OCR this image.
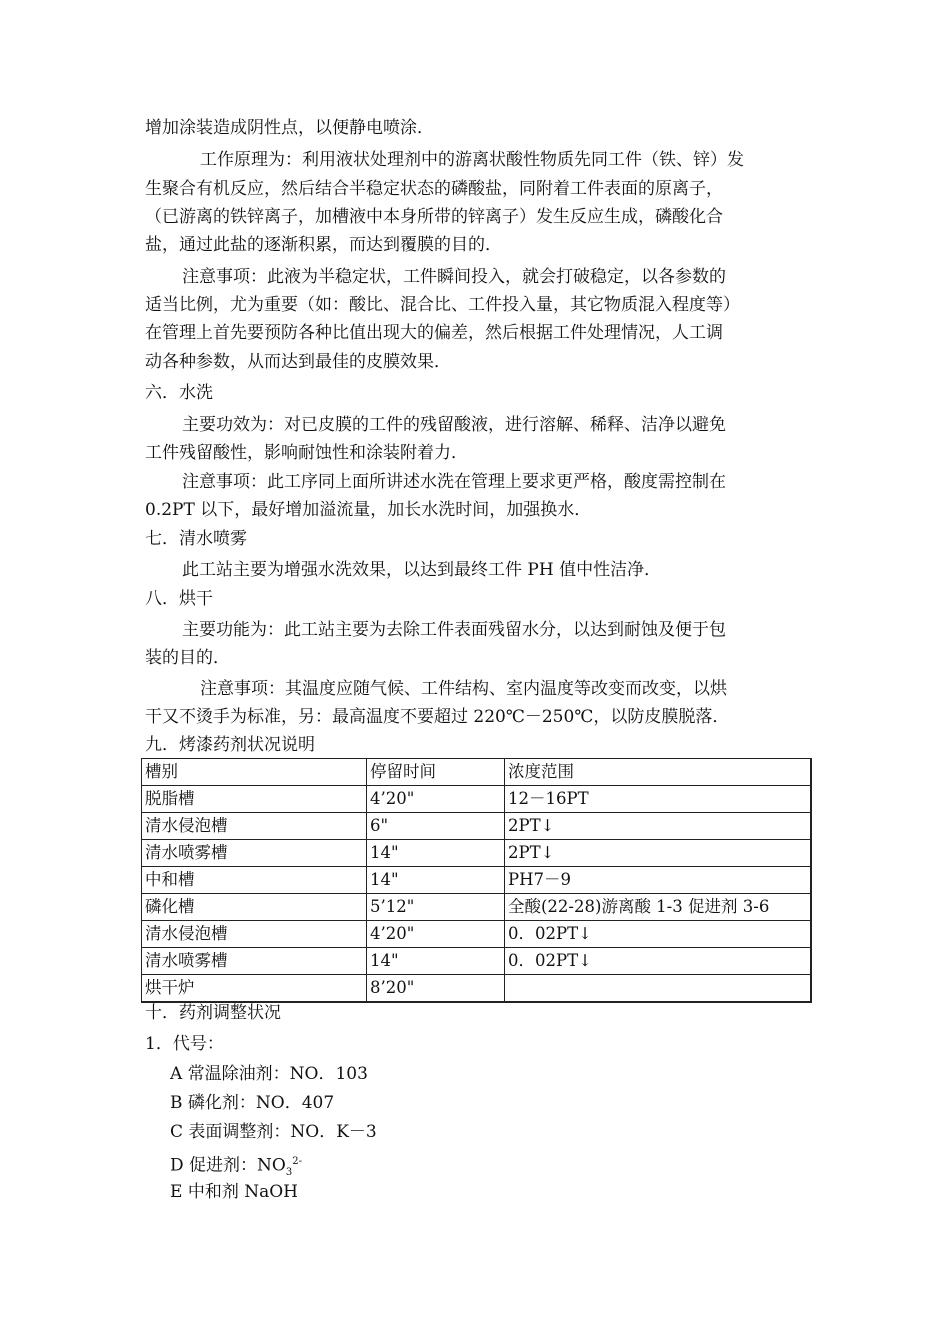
增加涂装造成阴性点，以便静电喷涂．
工作原理为：利用液状处理剂中的游离状酸性物质先同工件（铁、锌）发
生聚合有机反应，然后结合半稳定状态的磷酸盐，同附着工件表面的原离子，
（已游离的铁锌离子，加槽液中本身所带的锌离子）发生反应生成，磷酸化合
盐，通过此盐的逐渐积累，而达到覆膜的目的．
注意事项：此液为半稳定状，工件瞬间投入，就会打破稳定，以各参数的
适当比例，尤为重要（如：酸比、混合比、工件投入量，其它物质混入程度等）
在管理上首先要预防各种比值出现大的偏差，然后根据工件处理情况，人工调
动各种参数，从而达到最佳的皮膜效果．
六．水洗
主要功效为：对已皮膜的工件的残留酸液，进行溶解、稀释、洁净以避免
工件残留酸性，影响耐蚀性和涂装附着力．
注意事项：此工序同上面所讲述水洗在管理上要求更严格，酸度需控制在
0.2PT 以下，最好增加溢流量，加长水洗时间，加强换水．
七．清水喷雾
此工站主要为增强水洗效果，以达到最终工件 PH 值中性洁净．
八．烘干
主要功能为：此工站主要为去除工件表面残留水分，以达到耐蚀及便于包
装的目的．
注意事项：其温度应随气候、工件结构、室内温度等改变而改变，以烘
干又不烫手为标准，另：最高温度不要超过 220℃－250℃，以防皮膜脱落．
九．烤漆药剂状况说明
槽别	停留时间	浓度范围
脱脂槽	4’20"	12－16PT
清水侵泡槽	6"	2PT↓
清水喷雾槽	14"	2PT↓
中和槽	14"	PH7－9
磷化槽	5’12"	全酸(22-28)游离酸 1-3 促进剂 3-6
清水侵泡槽	4’20"	0．02PT↓
清水喷雾槽	14"	0．02PT↓
烘干炉	8’20"	
十．药剂调整状况
1．代号：
A 常温除油剂：NO．103
B 磷化剂：NO．407
C 表面调整剂：NO．K－3
D 促进剂：$NO_3^{2-}$
E 中和剂 NaOH
